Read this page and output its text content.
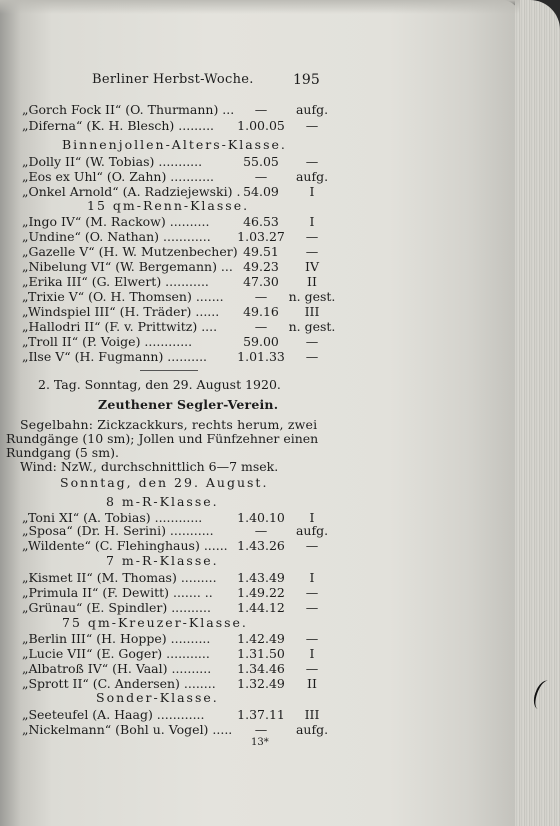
Berliner Herbst-Woche.	195
„Gorch Fock II“ (O. Thurmann) ...	—	aufg.
„Diferna“ (K. H. Blesch) .........	1.00.05	—
Binnenjollen-Alters-Klasse.
„Dolly II“ (W. Tobias) ...........	55.05	—
„Eos ex Uhl“ (O. Zahn) ...........	—	aufg.
„Onkel Arnold“ (A. Radziejewski) . 54.09	I
15 qm-Renn-Klasse.
„Ingo IV“ (M. Rackow) ..........	46.53	I
„Undine“ (O. Nathan) ............	1.03.27	—
„Gazelle V“ (H. W. Mutzenbecher) 49.51	—
„Nibelung VI“ (W. Bergemann) ... 49.23	IV
„Erika III“ (G. Elwert) ...........	47.30	II
„Trixie V“ (O. H. Thomsen) .......	—	n. gest.
„Windspiel III“ (H. Träder) ......	49.16	III
„Hallodri II“ (F. v. Prittwitz) ....	—	n. gest.
„Troll II“ (P. Voige) ............	59.00	—
„Ilse V“ (H. Fugmann) ..........	1.01.33	—
2. Tag. Sonntag, den 29. August 1920.
Zeuthener Segler-Verein.
Segelbahn: Zickzackkurs, rechts herum, zwei
Rundgänge (10 sm); Jollen und Fünfzehner einen
Rundgang (5 sm).
Wind: NzW., durchschnittlich 6—7 msek.
Sonntag, den 29. August.
8 m-R-Klasse.
„Toni XI“ (A. Tobias) ............	1.40.10	I
„Sposa“ (Dr. H. Serini) ...........	—	aufg.
„Wildente“ (C. Flehinghaus) ...... 1.43.26	—
7 m-R-Klasse.
„Kismet II“ (M. Thomas) .........	1.43.49	I
„Primula II“ (F. Dewitt) ....... ..	1.49.22	—
„Grünau“ (E. Spindler) ..........	1.44.12	—
75 qm-Kreuzer-Klasse.
„Berlin III“ (H. Hoppe) ..........	1.42.49	—
„Lucie VII“ (E. Goger) ...........	1.31.50	I
„Albatroß IV“ (H. Vaal) ..........	1.34.46	—
„Sprott II“ (C. Andersen) ........	1.32.49	II
Sonder-Klasse.
„Seeteufel (A. Haag) ............	1.37.11	III
„Nickelmann“ (Bohl u. Vogel) .....	—	aufg.
13*
